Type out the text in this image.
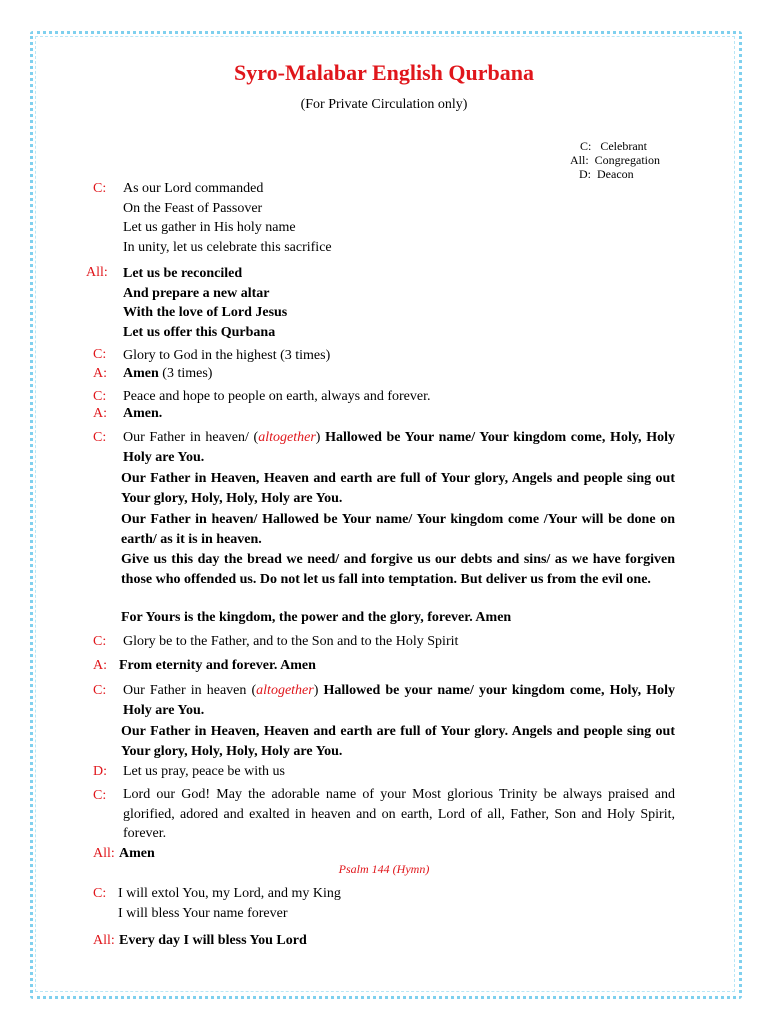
Syro-Malabar English Qurbana
(For Private Circulation only)
C:   Celebrant
All:  Congregation
D:  Deacon
C: As our Lord commanded
On the Feast of Passover
Let us gather in His holy name
In unity, let us celebrate this sacrifice
All: Let us be reconciled
And prepare a new altar
With the love of Lord Jesus
Let us offer this Qurbana
C: Glory to God in the highest (3 times)
A: Amen (3 times)
C: Peace and hope to people on earth, always and forever.
A: Amen.
C: Our Father in heaven/ (altogether) Hallowed be Your name/ Your kingdom come, Holy, Holy Holy are You.
Our Father in Heaven, Heaven and earth are full of Your glory, Angels and people sing out Your glory, Holy, Holy, Holy are You.
Our Father in heaven/ Hallowed be Your name/ Your kingdom come /Your will be done on earth/ as it is in heaven.
Give us this day the bread we need/ and forgive us our debts and sins/ as we have forgiven those who offended us. Do not let us fall into temptation. But deliver us from the evil one.
For Yours is the kingdom, the power and the glory, forever. Amen
C: Glory be to the Father, and to the Son and to the Holy Spirit
A: From eternity and forever. Amen
C: Our Father in heaven (altogether) Hallowed be your name/ your kingdom come, Holy, Holy Holy are You.
Our Father in Heaven, Heaven and earth are full of Your glory. Angels and people sing out Your glory, Holy, Holy, Holy are You.
D: Let us pray, peace be with us
C: Lord our God! May the adorable name of your Most glorious Trinity be always praised and glorified, adored and exalted in heaven and on earth, Lord of all, Father, Son and Holy Spirit, forever.
All: Amen
Psalm 144 (Hymn)
C: I will extol You, my Lord, and my King
I will bless Your name forever
All: Every day I will bless You Lord
